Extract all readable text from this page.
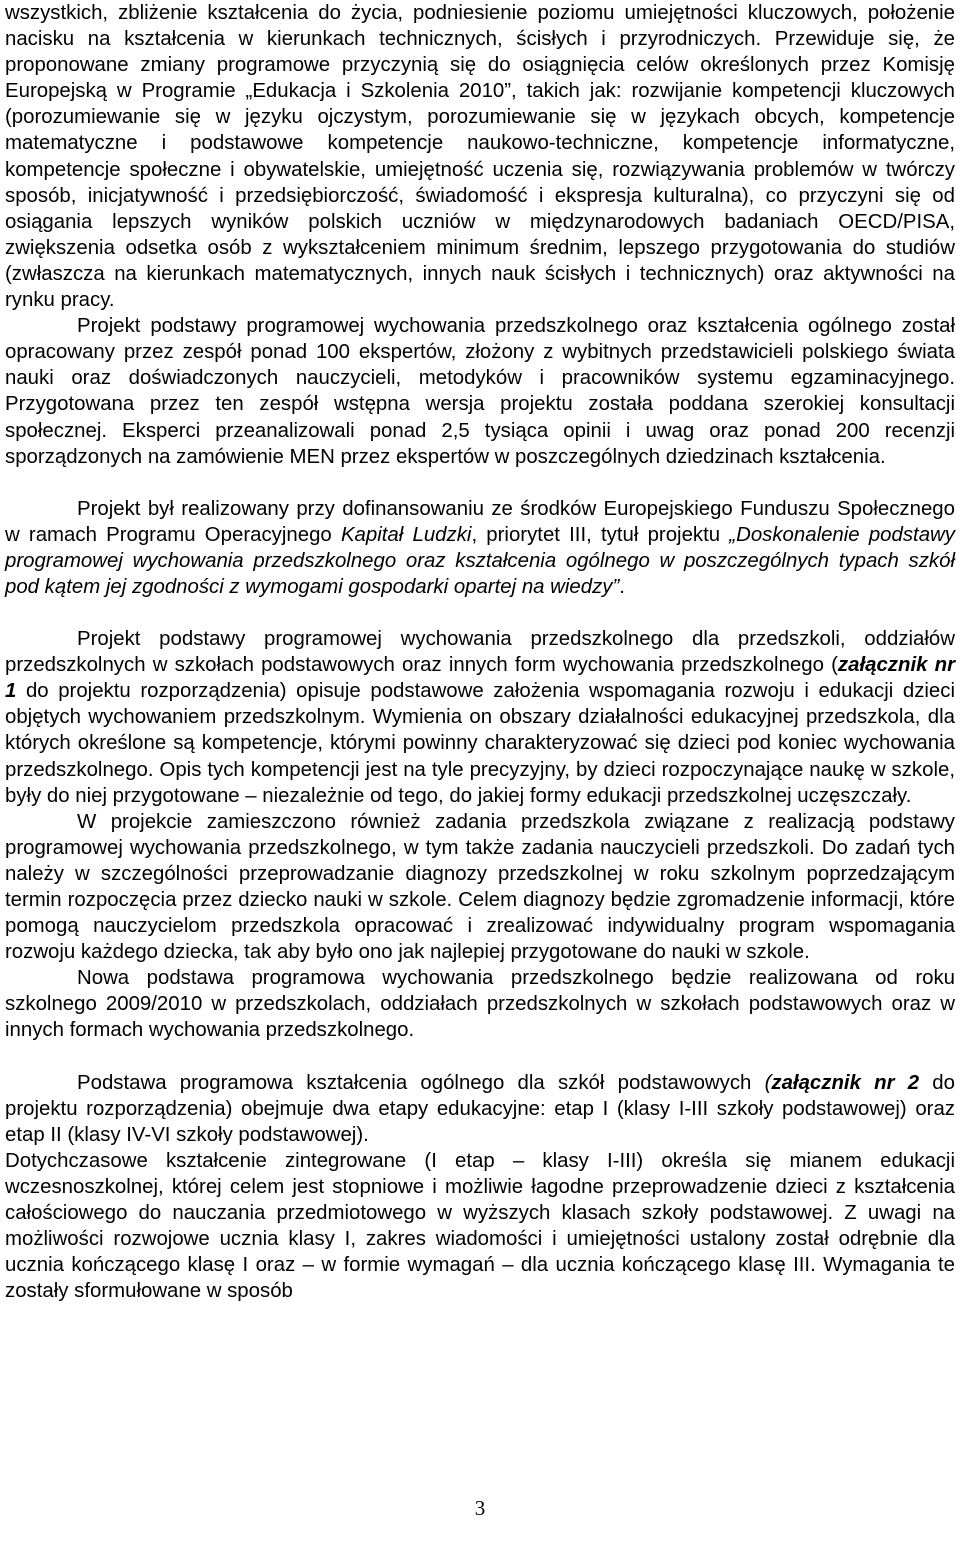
wszystkich, zbliżenie kształcenia do życia, podniesienie poziomu umiejętności kluczowych, położenie nacisku na kształcenia w kierunkach technicznych, ścisłych i przyrodniczych. Przewiduje się, że proponowane zmiany programowe przyczynią się do osiągnięcia celów określonych przez Komisję Europejską w Programie „Edukacja i Szkolenia 2010”, takich jak: rozwijanie kompetencji kluczowych (porozumiewanie się w języku ojczystym, porozumiewanie się w językach obcych, kompetencje matematyczne i podstawowe kompetencje naukowo-techniczne, kompetencje informatyczne, kompetencje społeczne i obywatelskie, umiejętność uczenia się, rozwiązywania problemów w twórczy sposób, inicjatywność i przedsiębiorczość, świadomość i ekspresja kulturalna), co przyczyni się od osiągania lepszych wyników polskich uczniów w międzynarodowych badaniach OECD/PISA, zwiększenia odsetka osób z wykształceniem minimum średnim, lepszego przygotowania do studiów (zwłaszcza na kierunkach matematycznych, innych nauk ścisłych i technicznych) oraz aktywności na rynku pracy.

Projekt podstawy programowej wychowania przedszkolnego oraz kształcenia ogólnego został opracowany przez zespół ponad 100 ekspertów, złożony z wybitnych przedstawicieli polskiego świata nauki oraz doświadczonych nauczycieli, metodyków i pracowników systemu egzaminacyjnego. Przygotowana przez ten zespół wstępna wersja projektu została poddana szerokiej konsultacji społecznej. Eksperci przeanalizowali ponad 2,5 tysiąca opinii i uwag oraz ponad 200 recenzji sporządzonych na zamówienie MEN przez ekspertów w poszczególnych dziedzinach kształcenia.

Projekt był realizowany przy dofinansowaniu ze środków Europejskiego Funduszu Społecznego w ramach Programu Operacyjnego Kapitał Ludzki, priorytet III, tytuł projektu „Doskonalenie podstawy programowej wychowania przedszkolnego oraz kształcenia ogólnego w poszczególnych typach szkół pod kątem jej zgodności z wymogami gospodarki opartej na wiedzy”.

Projekt podstawy programowej wychowania przedszkolnego dla przedszkoli, oddziałów przedszkolnych w szkołach podstawowych oraz innych form wychowania przedszkolnego (załącznik nr 1 do projektu rozporządzenia) opisuje podstawowe założenia wspomagania rozwoju i edukacji dzieci objętych wychowaniem przedszkolnym. Wymienia on obszary działalności edukacyjnej przedszkola, dla których określone są kompetencje, którymi powinny charakteryzować się dzieci pod koniec wychowania przedszkolnego. Opis tych kompetencji jest na tyle precyzyjny, by dzieci rozpoczynające naukę w szkole, były do niej przygotowane – niezależnie od tego, do jakiej formy edukacji przedszkolnej uczęszczały.

W projekcie zamieszczono również zadania przedszkola związane z realizacją podstawy programowej wychowania przedszkolnego, w tym także zadania nauczycieli przedszkoli. Do zadań tych należy w szczególności przeprowadzanie diagnozy przedszkolnej w roku szkolnym poprzedzającym termin rozpoczęcia przez dziecko nauki w szkole. Celem diagnozy będzie zgromadzenie informacji, które pomogą nauczycielom przedszkola opracować i zrealizować indywidualny program wspomagania rozwoju każdego dziecka, tak aby było ono jak najlepiej przygotowane do nauki w szkole.

Nowa podstawa programowa wychowania przedszkolnego będzie realizowana od roku szkolnego 2009/2010 w przedszkolach, oddziałach przedszkolnych w szkołach podstawowych oraz w innych formach wychowania przedszkolnego.

Podstawa programowa kształcenia ogólnego dla szkół podstawowych (załącznik nr 2 do projektu rozporządzenia) obejmuje dwa etapy edukacyjne: etap I (klasy I-III szkoły podstawowej) oraz etap II (klasy IV-VI szkoły podstawowej).

Dotychczasowe kształcenie zintegrowane (I etap – klasy I-III) określa się mianem edukacji wczesnoszkolnej, której celem jest stopniowe i możliwie łagodne przeprowadzenie dzieci z kształcenia całościowego do nauczania przedmiotowego w wyższych klasach szkoły podstawowej. Z uwagi na możliwości rozwojowe ucznia klasy I, zakres wiadomości i umiejętności ustalony został odrębnie dla ucznia kończącego klasę I oraz – w formie wymagań – dla ucznia kończącego klasę III. Wymagania te zostały sformułowane w sposób

3
